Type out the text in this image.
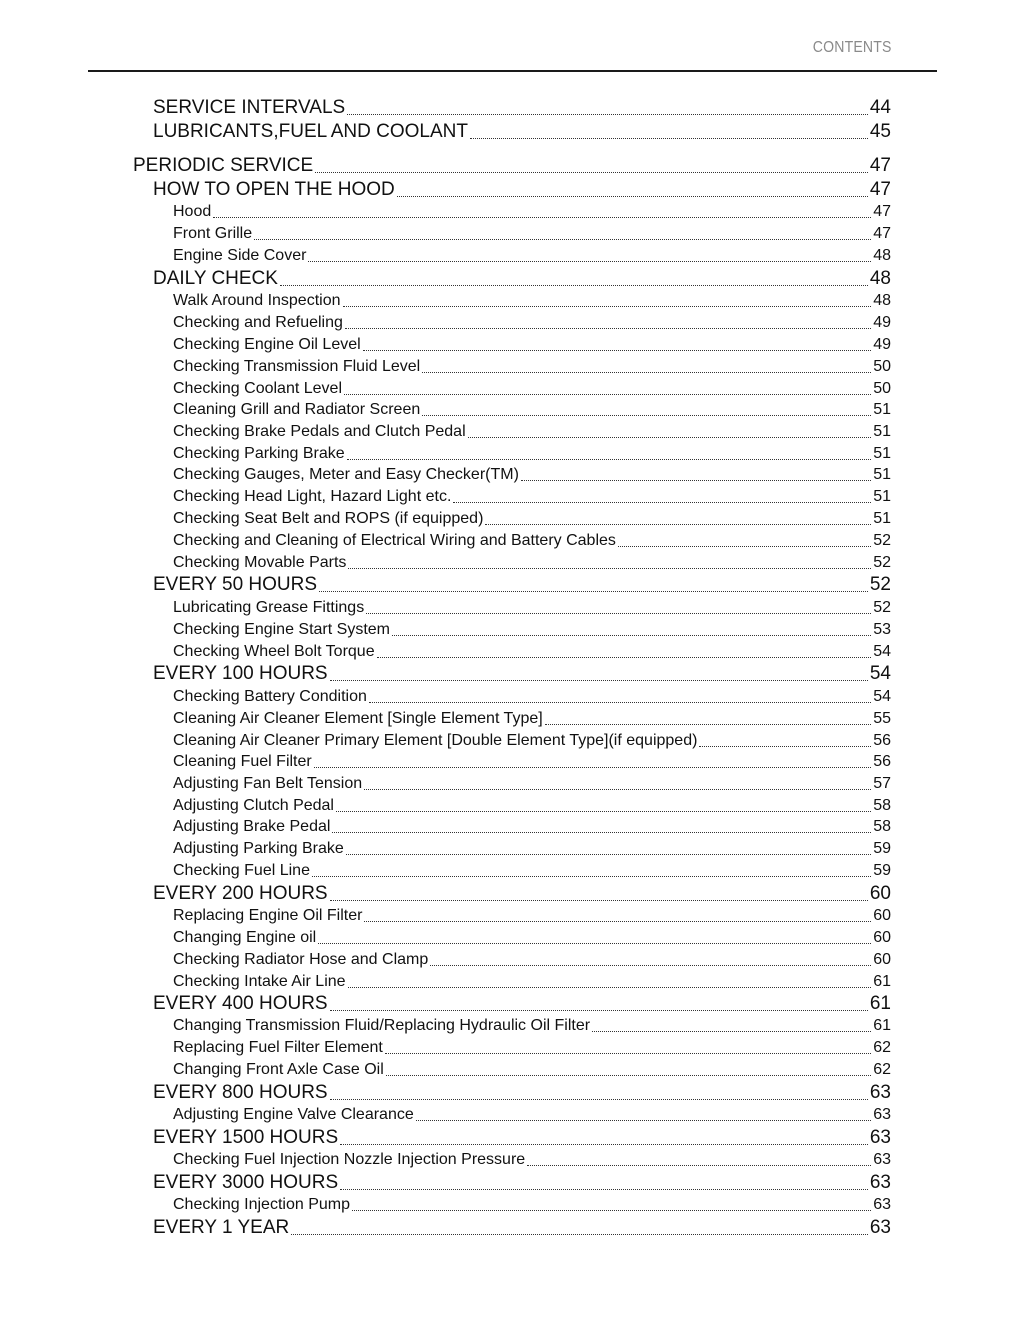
CONTENTS
SERVICE INTERVALS	44
LUBRICANTS,FUEL AND COOLANT	45
PERIODIC SERVICE	47
HOW TO OPEN THE HOOD	47
Hood	47
Front Grille	47
Engine Side Cover	48
DAILY CHECK	48
Walk Around Inspection	48
Checking and Refueling	49
Checking Engine Oil Level	49
Checking Transmission Fluid Level	50
Checking Coolant Level	50
Cleaning Grill and Radiator Screen	51
Checking Brake Pedals and Clutch Pedal	51
Checking Parking Brake	51
Checking Gauges, Meter and Easy Checker(TM)	51
Checking Head Light, Hazard Light etc.	51
Checking Seat Belt and ROPS (if equipped)	51
Checking and Cleaning of Electrical Wiring and Battery Cables	52
Checking Movable Parts	52
EVERY 50 HOURS	52
Lubricating Grease Fittings	52
Checking Engine Start System	53
Checking Wheel Bolt Torque	54
EVERY 100 HOURS	54
Checking Battery Condition	54
Cleaning Air Cleaner Element [Single Element Type]	55
Cleaning Air Cleaner Primary Element [Double Element Type](if equipped)	56
Cleaning Fuel Filter	56
Adjusting Fan Belt Tension	57
Adjusting Clutch Pedal	58
Adjusting Brake Pedal	58
Adjusting Parking Brake	59
Checking Fuel Line	59
EVERY 200 HOURS	60
Replacing Engine Oil Filter	60
Changing Engine oil	60
Checking Radiator Hose and Clamp	60
Checking Intake Air Line	61
EVERY 400 HOURS	61
Changing Transmission Fluid/Replacing Hydraulic Oil Filter	61
Replacing Fuel Filter Element	62
Changing Front Axle Case Oil	62
EVERY 800 HOURS	63
Adjusting Engine Valve Clearance	63
EVERY 1500 HOURS	63
Checking Fuel Injection Nozzle Injection Pressure	63
EVERY 3000 HOURS	63
Checking Injection Pump	63
EVERY 1 YEAR	63
